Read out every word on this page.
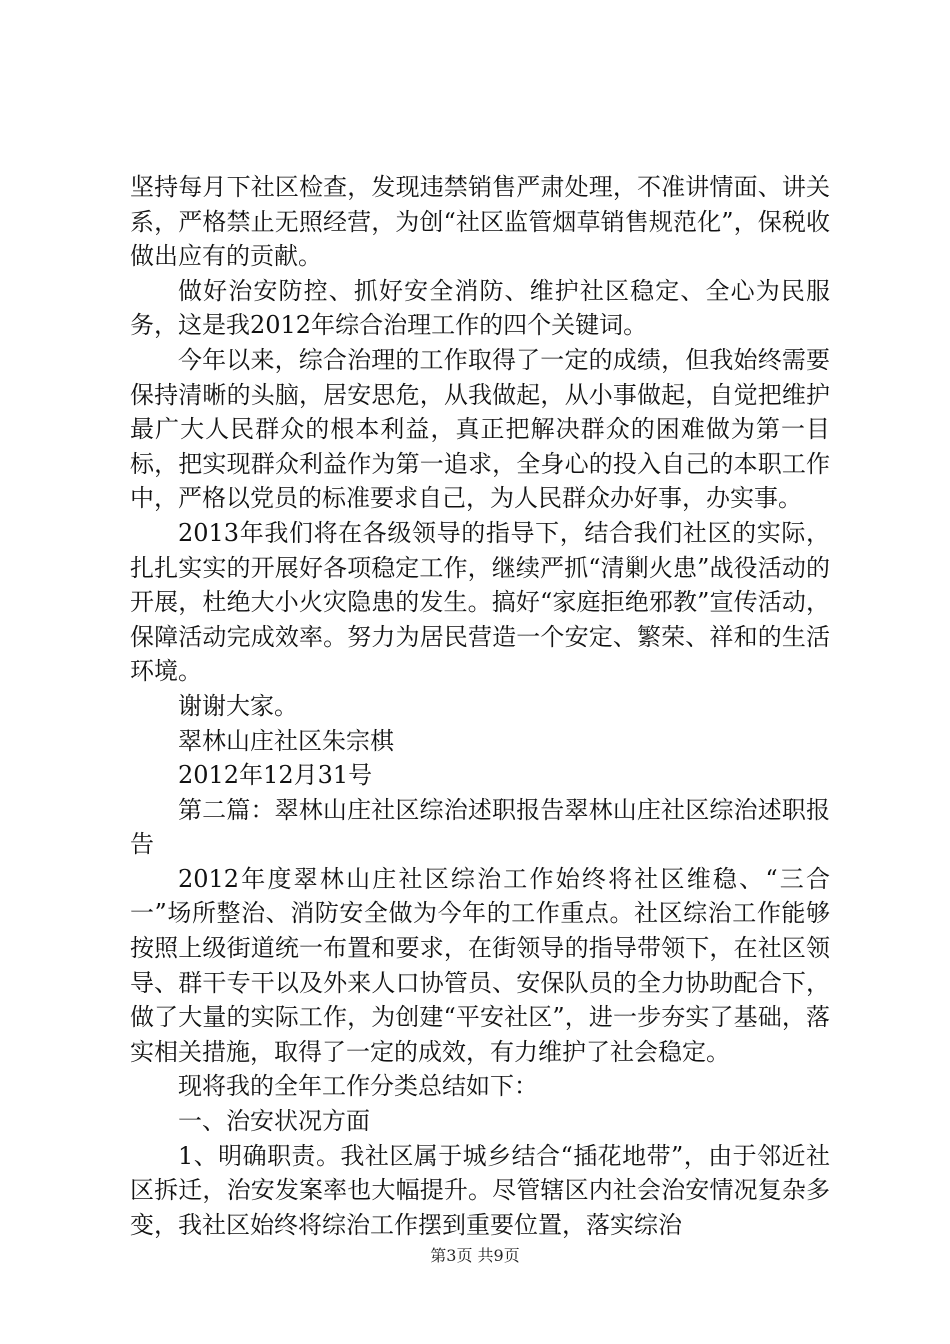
坚持每月下社区检查，发现违禁销售严肃处理，不准讲情面、讲关系，严格禁止无照经营，为创“社区监管烟草销售规范化”，保税收做出应有的贡献。

做好治安防控、抓好安全消防、维护社区稳定、全心为民服务，这是我2012年综合治理工作的四个关键词。

今年以来，综合治理的工作取得了一定的成绩，但我始终需要保持清晰的头脑，居安思危，从我做起，从小事做起，自觉把维护最广大人民群众的根本利益，真正把解决群众的困难做为第一目标，把实现群众利益作为第一追求，全身心的投入自己的本职工作中，严格以党员的标准要求自己，为人民群众办好事，办实事。

2013年我们将在各级领导的指导下，结合我们社区的实际，扎扎实实的开展好各项稳定工作，继续严抓“清剿火患”战役活动的开展，杜绝大小火灾隐患的发生。搞好“家庭拒绝邪教”宣传活动，保障活动完成效率。努力为居民营造一个安定、繁荣、祥和的生活环境。

谢谢大家。

翠林山庄社区朱宗棋

2012年12月31号

第二篇：翠林山庄社区综治述职报告翠林山庄社区综治述职报告

2012年度翠林山庄社区综治工作始终将社区维稳、“三合一”场所整治、消防安全做为今年的工作重点。社区综治工作能够按照上级街道统一布置和要求，在街领导的指导带领下，在社区领导、群干专干以及外来人口协管员、安保队员的全力协助配合下，做了大量的实际工作，为创建“平安社区”，进一步夯实了基础，落实相关措施，取得了一定的成效，有力维护了社会稳定。

现将我的全年工作分类总结如下：

一、治安状况方面

1、明确职责。我社区属于城乡结合“插花地带”，由于邻近社区拆迁，治安发案率也大幅提升。尽管辖区内社会治安情况复杂多变，我社区始终将综治工作摆到重要位置，落实综治

第3页 共9页
